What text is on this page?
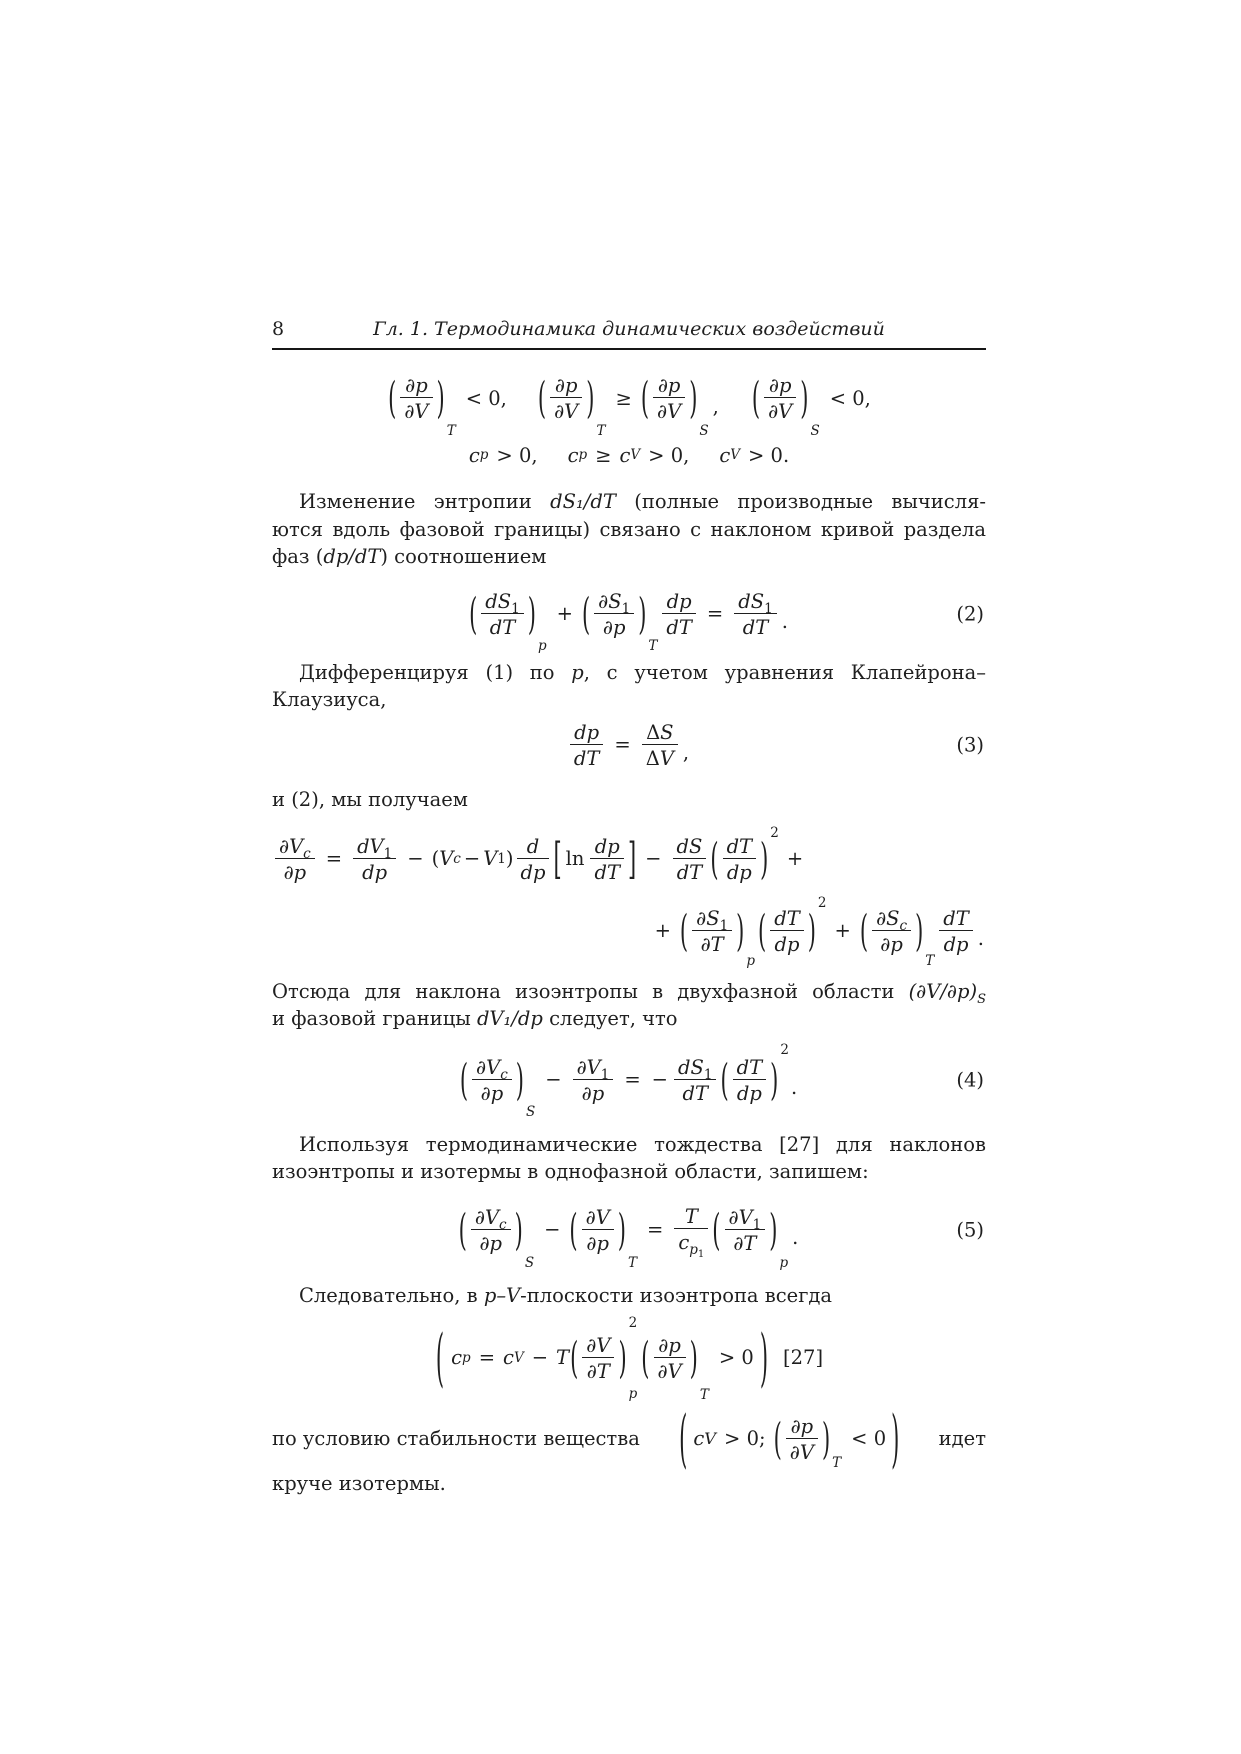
8	Гл. 1. Термодинамика динамических воздействий
( $\frac{\partial p}{\partial V}$ )
T
< 0, ( $\frac{\partial p}{\partial V}$ )
T
≥ ( $\frac{\partial p}{\partial V}$ )
S
, ( $\frac{\partial p}{\partial V}$ )
S
< 0,
c p > 0, c p ≥ c V > 0, c V > 0.
Изменение энтропии dS₁/dT (полные производные вычисля-
ются вдоль фазовой границы) связано с наклоном кривой раздела
фаз (dp/dT) соотношением
( $\frac{dS_1}{dT}$ )
p
+ ( $\frac{\partial S_1}{\partial p}$ )
T
$\frac{dp}{dT} = \frac{dS_1}{dT}$ .	(2)
Дифференцируя (1) по p, с учетом уравнения Клапейрона–
Клаузиуса,
$\frac{dp}{dT} = \frac{\Delta S}{\Delta V}$ ,	(3)
и (2), мы получаем
$\frac{\partial V_c}{\partial p} = \frac{dV_1}{dp}$ − ( V c − V 1 ) $\frac{d}{dp}$ [ $\ln \frac{dp}{dT}$ ] − $\frac{dS}{dT}$ ( $\frac{dT}{dp}$ )
2
+
+ ( $\frac{\partial S_1}{\partial T}$ )
p
( $\frac{dT}{dp}$ )
2
+ ( $\frac{\partial S_c}{\partial p}$ )
T
$\frac{dT}{dp}$ .
Отсюда для наклона изоэнтропы в двухфазной области $(\partial V/\partial p)_S$
и фазовой границы dV₁/dp следует, что
( $\frac{\partial V_c}{\partial p}$ )
S
− $\frac{\partial V_1}{\partial p}$ = − $\frac{dS_1}{dT}$ ( $\frac{dT}{dp}$ )
2
.	(4)
Используя термодинамические тождества [27] для наклонов
изоэнтропы и изотермы в однофазной области, запишем:
( $\frac{\partial V_c}{\partial p}$ )
S
− ( $\frac{\partial V}{\partial p}$ )
T
= $\frac{T}{c_{p_1}}$ ( $\frac{\partial V_1}{\partial T}$ )
p
.	(5)
Следовательно, в p–V-плоскости изоэнтропа всегда
( c p = c V − T ( $\frac{\partial V}{\partial T}$ )
2
p
( $\frac{\partial p}{\partial V}$ )
T
> 0 ) [27]
по условию стабильности вещества ( c V > 0; ( $\frac{\partial p}{\partial V}$ ) T
< 0 ) идет
круче изотермы.
